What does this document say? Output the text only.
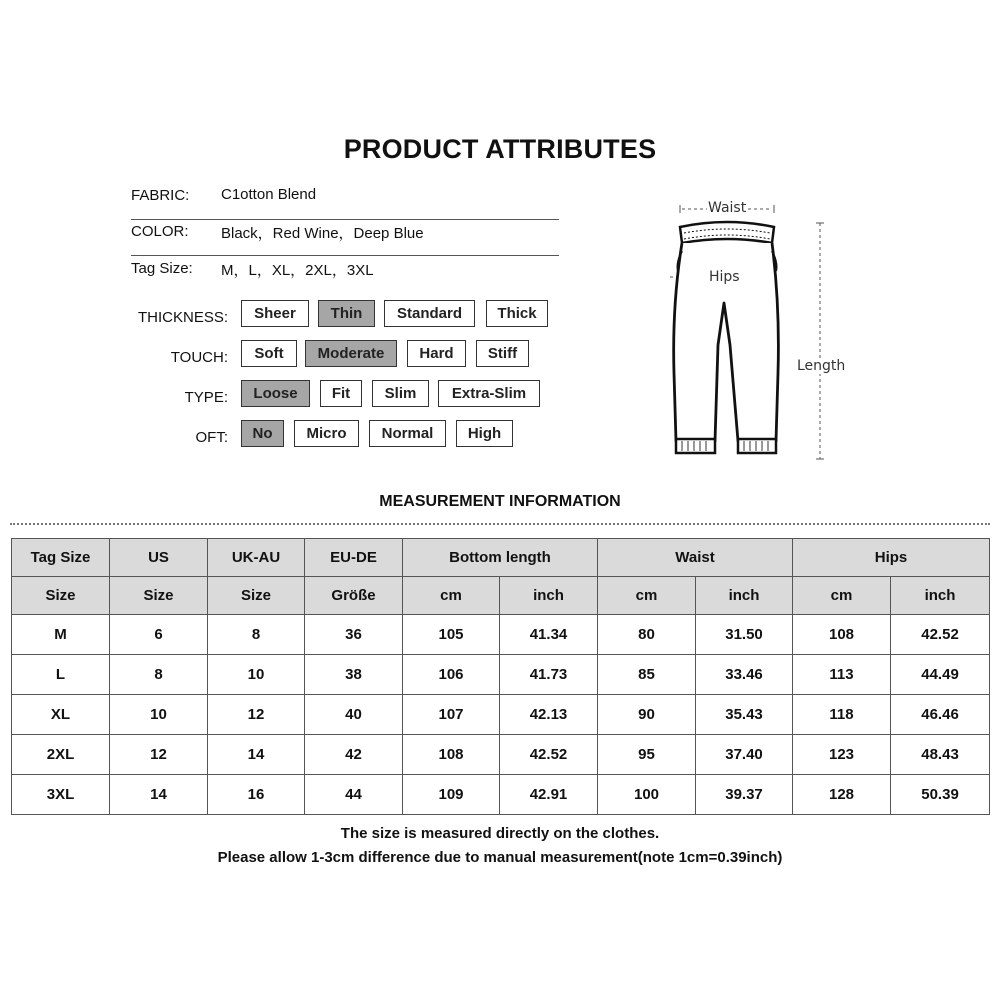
PRODUCT ATTRIBUTES
FABRIC: C1otton Blend
COLOR: Black，Red Wine，Deep Blue
Tag Size: M，L，XL，2XL，3XL
THICKNESS:	Sheer	Thin	Standard	Thick
TOUCH:	Soft	Moderate	Hard	Stiff
TYPE:	Loose	Fit	Slim	Extra-Slim
OFT:	No	Micro	Normal	High
Waist
Hips
Length
MEASUREMENT INFORMATION
Tag Size	US	UK-AU	EU-DE	Bottom length		Waist		Hips	
Size	Size	Size	Größe	cm	inch	cm	inch	cm	inch
M	6	8	36	105	41.34	80	31.50	108	42.52
L	8	10	38	106	41.73	85	33.46	113	44.49
XL	10	12	40	107	42.13	90	35.43	118	46.46
2XL	12	14	42	108	42.52	95	37.40	123	48.43
3XL	14	16	44	109	42.91	100	39.37	128	50.39
The size is measured directly on the clothes.
Please allow 1-3cm difference due to manual measurement(note 1cm=0.39inch)
